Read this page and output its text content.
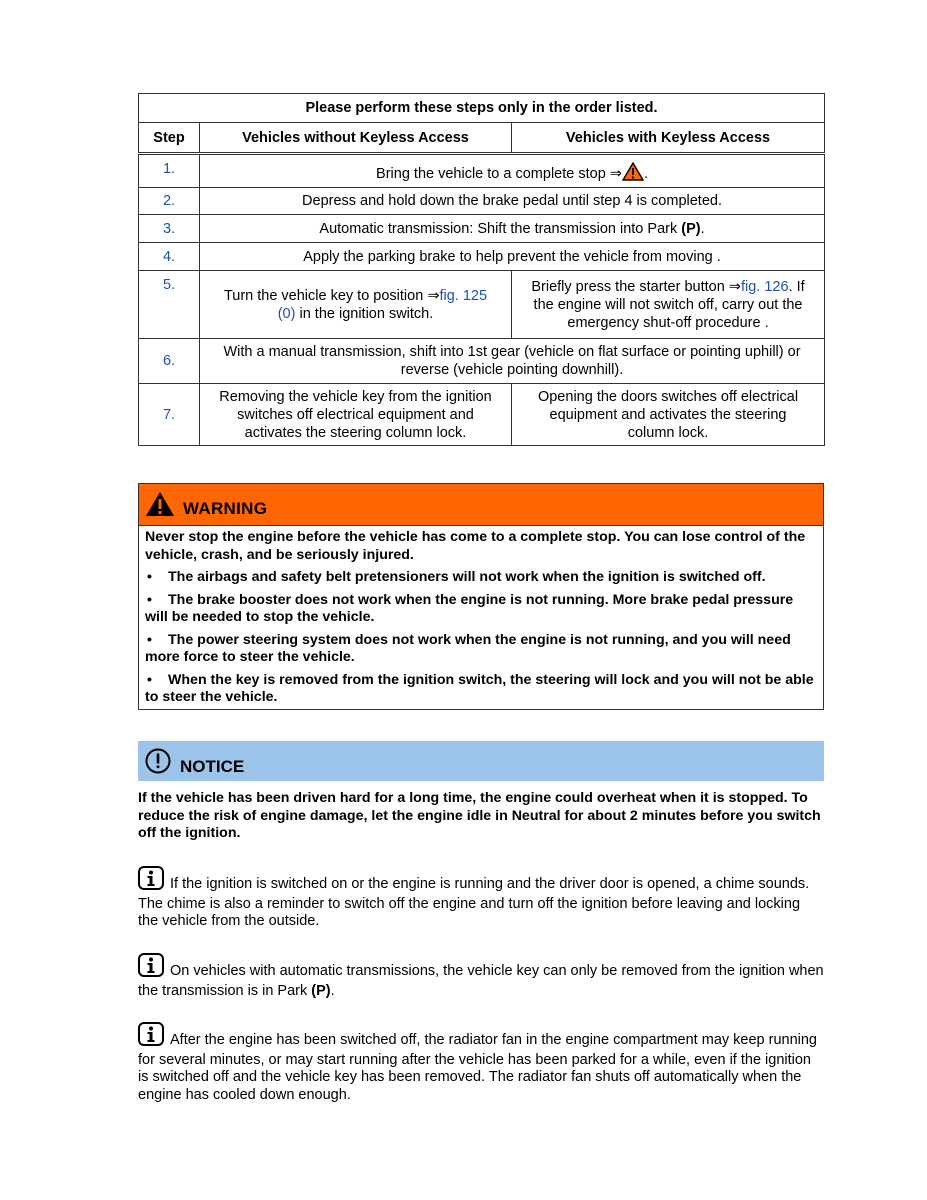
Please perform these steps only in the order listed.		
Step	Vehicles without Keyless Access	Vehicles with Keyless Access
1.	Bring the vehicle to a complete stop ⇒ .	
2.	Depress and hold down the brake pedal until step 4 is completed.	
3.	Automatic transmission: Shift the transmission into Park (P).	
4.	Apply the parking brake to help prevent the vehicle from moving .	
5.	Turn the vehicle key to position ⇒fig. 125 (0) in the ignition switch.	Briefly press the starter button ⇒fig. 126. If the engine will not switch off, carry out the emergency shut-off procedure .
6.	With a manual transmission, shift into 1st gear (vehicle on flat surface or pointing uphill) or reverse (vehicle pointing downhill).	
7.	Removing the vehicle key from the ignition switches off electrical equipment and activates the steering column lock.	Opening the doors switches off electrical equipment and activates the steering column lock.
WARNING

Never stop the engine before the vehicle has come to a complete stop. You can lose control of the vehicle, crash, and be seriously injured.

• The airbags and safety belt pretensioners will not work when the ignition is switched off.
• The brake booster does not work when the engine is not running. More brake pedal pressure will be needed to stop the vehicle.
• The power steering system does not work when the engine is not running, and you will need more force to steer the vehicle.
• When the key is removed from the ignition switch, the steering will lock and you will not be able to steer the vehicle.
NOTICE

If the vehicle has been driven hard for a long time, the engine could overheat when it is stopped. To reduce the risk of engine damage, let the engine idle in Neutral for about 2 minutes before you switch off the ignition.

If the ignition is switched on or the engine is running and the driver door is opened, a chime sounds. The chime is also a reminder to switch off the engine and turn off the ignition before leaving and locking the vehicle from the outside.

On vehicles with automatic transmissions, the vehicle key can only be removed from the ignition when the transmission is in Park (P).

After the engine has been switched off, the radiator fan in the engine compartment may keep running for several minutes, or may start running after the vehicle has been parked for a while, even if the ignition is switched off and the vehicle key has been removed. The radiator fan shuts off automatically when the engine has cooled down enough.
